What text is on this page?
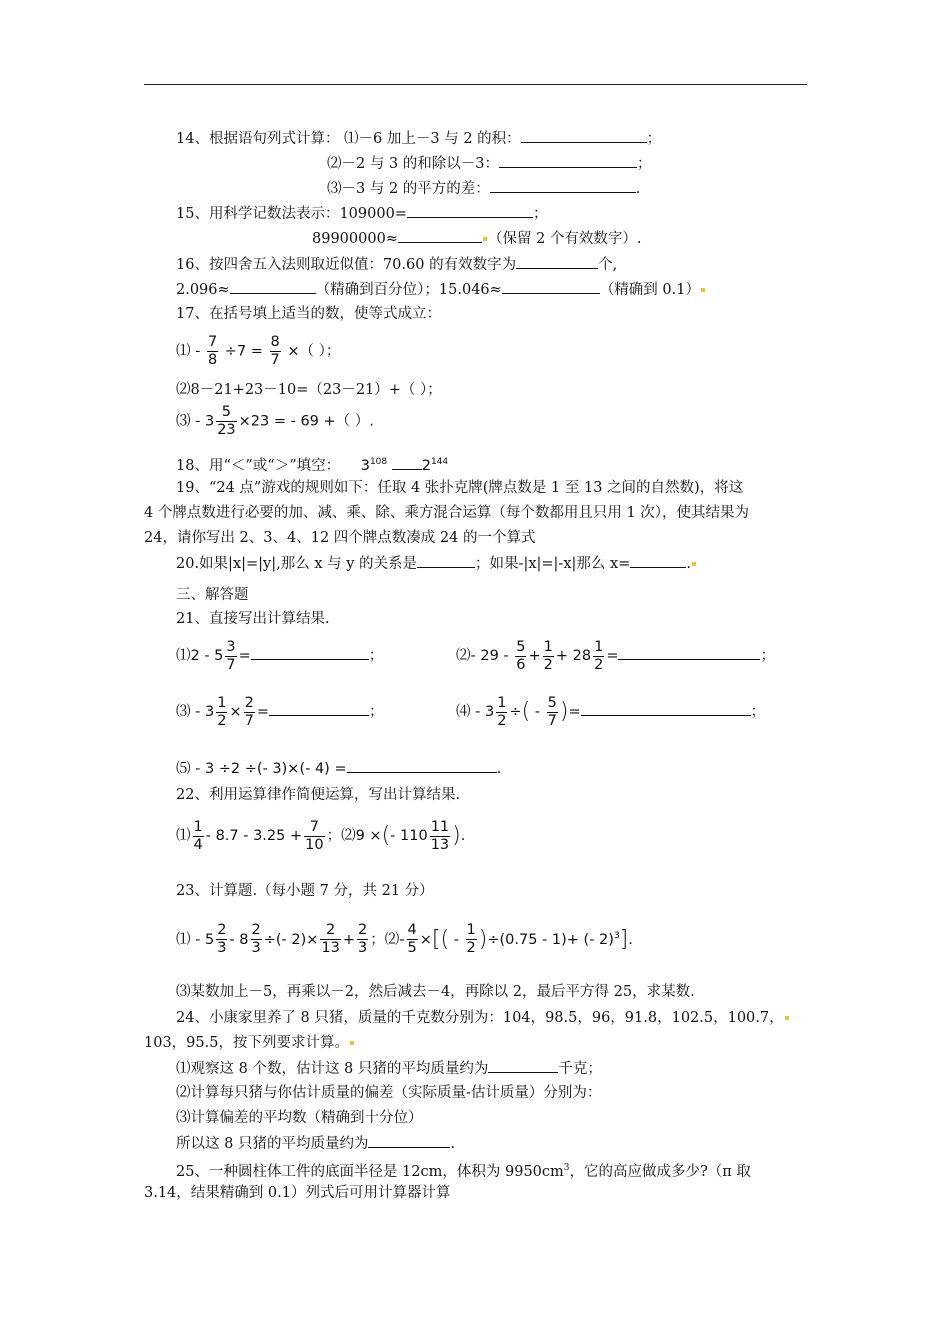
14、根据语句列式计算： ⑴－6 加上－3 与 2 的积：	；
⑵－2 与 3 的和除以－3：	；
⑶－3 与 2 的平方的差：	.
15、用科学记数法表示：109000=	；
89900000≈	（保留 2 个有效数字）.
16、按四舍五入法则取近似值：70.60 的有效数字为	个,
2.096≈	（精确到百分位）；15.046≈	（精确到 0.1）
17、在括号填上适当的数，使等式成立：
⑴ - $\frac{7}{8} \div 7 = \frac{8}{7}$ ×（ ）；
⑵8－21+23－10=（23－21）+（ ）；
⑶ - $3 \frac{5}{23} \times 23$ = - 69 +（ ）.
18、用“＜”或“＞”填空： $3^{108}$ $2^{144}$
19、“24 点”游戏的规则如下：任取 4 张扑克牌(牌点数是 1 至 13 之间的自然数)，将这
4 个牌点数进行必要的加、减、乘、除、乘方混合运算（每个数都用且只用 1 次），使其结果为
24，请你写出 2、3、4、12 四个牌点数凑成 24 的一个算式
20.如果|x|=|y|,那么 x 与 y 的关系是	；如果-|x|=|-x|那么 x=	.
三、解答题
21、直接写出计算结果.
⑴2 - $5 \frac{3}{7}$ =	；	⑵- $29 - \frac{5}{6} + \frac{1}{2} + 28 \frac{1}{2}$ =	；
⑶ - $3 \frac{1}{2} \times \frac{2}{7}$ =	；	⑷ - $3 \frac{1}{2}$ ÷( - $\frac{5}{7}$ )=	；
⑸ - 3 ÷2 ÷(- 3)×(- 4) =	.
22、利用运算律作简便运算，写出计算结果.
⑴ $\frac{1}{4} - 8.7 - 3.25 + \frac{7}{10}$ ；⑵9 ×(- $110 \frac{11}{13}$ ).
23、计算题.（每小题 7 分，共 21 分）
⑴ - $5 \frac{2}{3} - 8 \frac{2}{3}$ ÷(- $2)\times \frac{2}{13} + \frac{2}{3}$ ；⑵- $\frac{4}{5}$ ×[( - $\frac{1}{2} )\div(0.75 - 1)+$ (- 2)$^3$].
⑶某数加上－5，再乘以－2，然后减去－4，再除以 2，最后平方得 25，求某数.
24、小康家里养了 8 只猪，质量的千克数分别为：104，98.5，96，91.8，102.5，100.7，
103，95.5，按下列要求计算。
⑴观察这 8 个数，估计这 8 只猪的平均质量约为	千克；
⑵计算每只猪与你估计质量的偏差（实际质量-估计质量）分别为：
⑶计算偏差的平均数（精确到十分位）
所以这 8 只猪的平均质量约为	.
25、一种圆柱体工件的底面半径是 12cm，体积为 $9950cm^3$，它的高应做成多少?（π 取
3.14，结果精确到 0.1）列式后可用计算器计算
